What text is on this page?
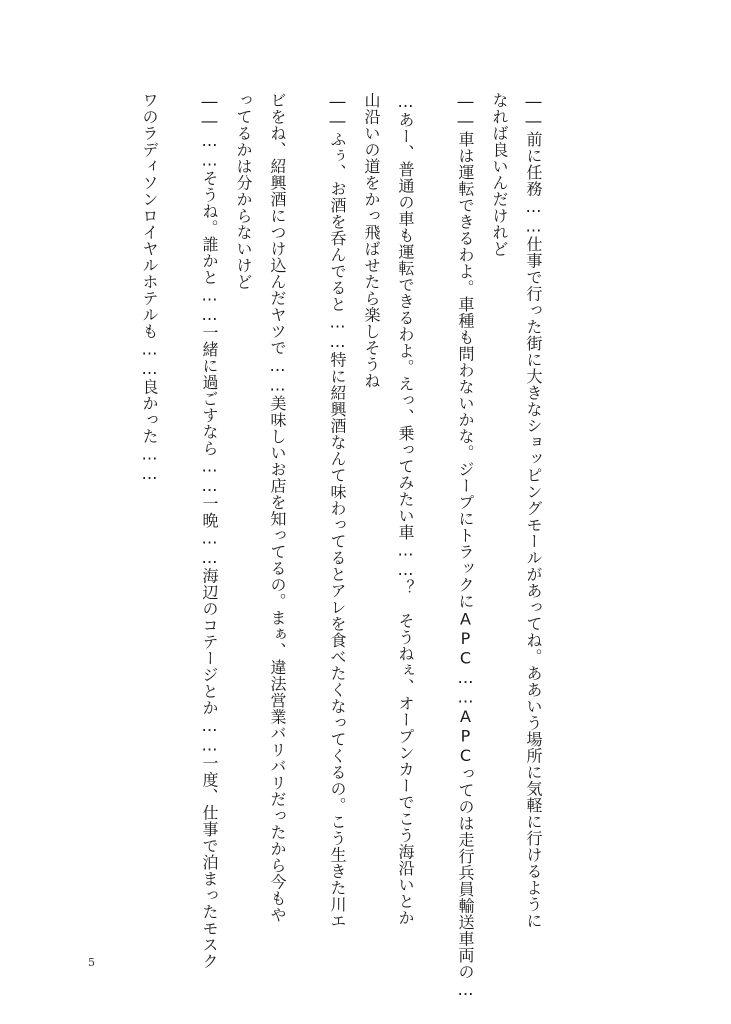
――前に任務……仕事で行った街に大きなショッピングモールがあってね。ああいう場所に気軽に行けるように
なれば良いんだけれど
――車は運転できるわよ。車種も問わないかな。ジープにトラックにAPC……APCってのは走行兵員輸送車両の…
…あー、普通の車も運転できるわよ。えっ、乗ってみたい車……？　そうねぇ、オープンカーでこう海沿いとか
山沿いの道をかっ飛ばせたら楽しそうね
――ふぅ、お酒を呑んでると……特に紹興酒なんて味わってるとアレを食べたくなってくるの。こう生きた川エ
ビをね、紹興酒につけ込んだヤツで……美味しいお店を知ってるの。まぁ、違法営業バリバリだったから今もや
ってるかは分からないけど
――……そうね。誰かと……一緒に過ごすなら……一晩……海辺のコテージとか……一度、仕事で泊まったモスク
ワのラディソンロイヤルホテルも……良かった……
5
